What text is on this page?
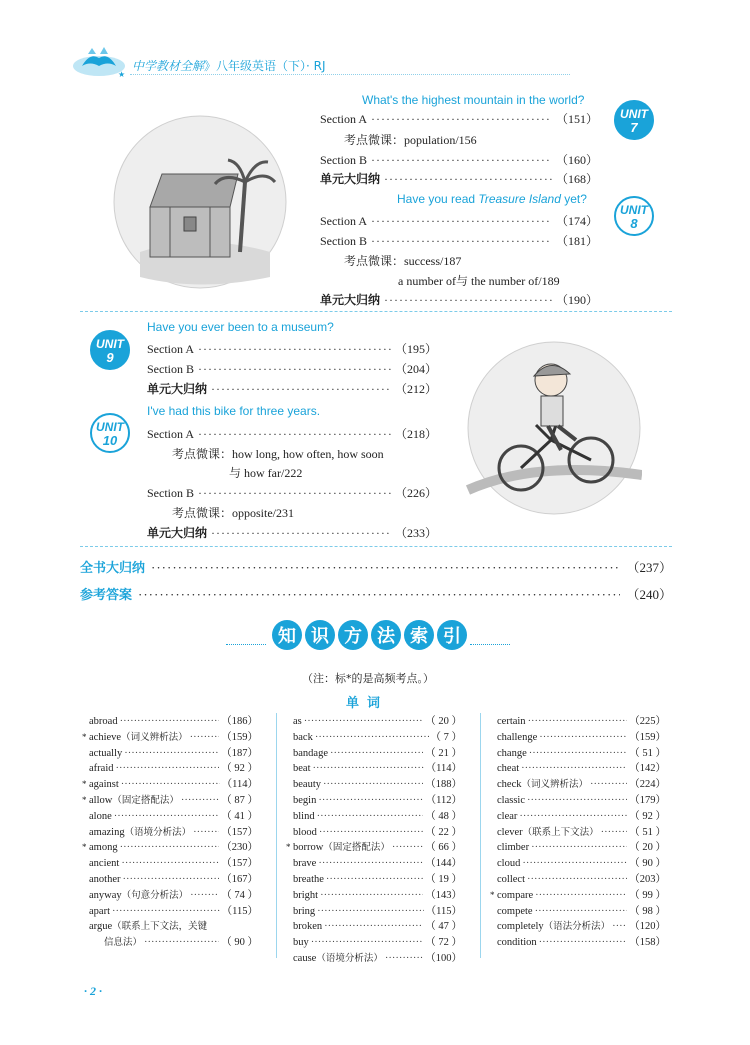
★
中学教材全解》八年级英语（下）· RJ
What's the highest mountain in the world?
UNIT
7
Section A ·····	（151）
考点微课：population/156
Section B ·····	（160）
单元大归纳 ·····	（168）
Have you read Treasure Island yet?
UNIT
8
Section A ·····	（174）
Section B ·····	（181）
考点微课：success/187
a number of与 the number of/189
单元大归纳 ·····	（190）
UNIT
9
Have you ever been to a museum?
Section A ·····	（195）
Section B ·····	（204）
单元大归纳 ·····	（212）
UNIT
10
I've had this bike for three years.
Section A ·····	（218）
考点微课：how long, how often, how soon
与 how far/222
Section B ·····	（226）
考点微课：opposite/231
单元大归纳 ·····	（233）
全书大归纳 ·····	（237）
参考答案 ·····	（240）
知 识 方 法 索 引
（注：标*的是高频考点。）
单词
abroad ·····	（186）
* achieve （词义辨析法） ·····	（159）
actually ·····	（187）
afraid ·····	（ 92 ）
* against ·····	（114）
* allow （固定搭配法） ·····	（ 87 ）
alone ·····	（ 41 ）
amazing （语境分析法） ·····	（157）
* among ·····	（230）
ancient ·····	（157）
another ·····	（167）
anyway （句意分析法） ·····	（ 74 ）
apart ·····	（115）
argue （联系上下文法，关键
信息法） ·····	（ 90 ）
as ·····	（ 20 ）
back ·····	（ 7 ）
bandage ·····	（ 21 ）
beat ·····	（114）
beauty ·····	（188）
begin ·····	（112）
blind ·····	（ 48 ）
blood ·····	（ 22 ）
* borrow （固定搭配法） ·····	（ 66 ）
brave ·····	（144）
breathe ·····	（ 19 ）
bright ·····	（143）
bring ·····	（115）
broken ·····	（ 47 ）
buy ·····	（ 72 ）
cause （语境分析法） ·····	（100）
certain ·····	（225）
challenge ·····	（159）
change ·····	（ 51 ）
cheat ·····	（142）
check （词义辨析法） ·····	（224）
classic ·····	（179）
clear ·····	（ 92 ）
clever （联系上下文法） ·····	（ 51 ）
climber ·····	（ 20 ）
cloud ·····	（ 90 ）
collect ·····	（203）
* compare ·····	（ 99 ）
compete ·····	（ 98 ）
completely （语法分析法） ····· （120）
condition ·····	（158）
· 2 ·
